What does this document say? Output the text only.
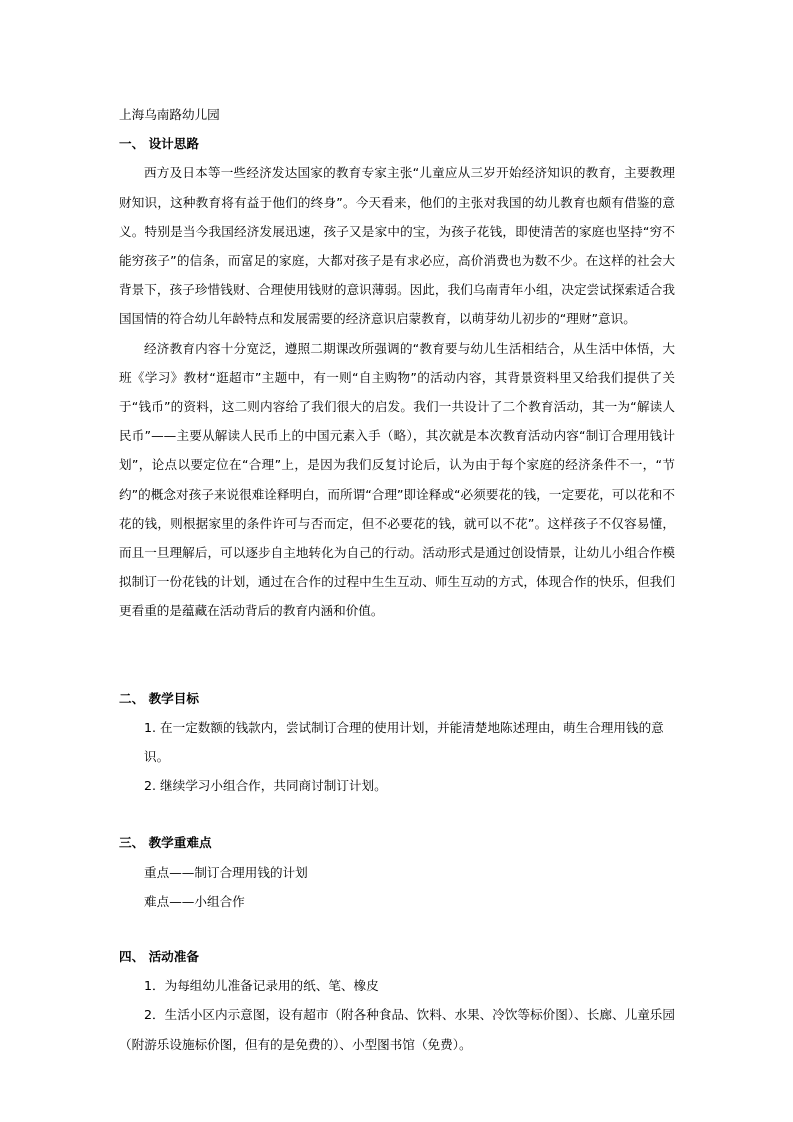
上海乌南路幼儿园

一、 设计思路

西方及日本等一些经济发达国家的教育专家主张“儿童应从三岁开始经济知识的教育，主要教理财知识，这种教育将有益于他们的终身”。今天看来，他们的主张对我国的幼儿教育也颇有借鉴的意义。特别是当今我国经济发展迅速，孩子又是家中的宝，为孩子花钱，即使清苦的家庭也坚持“穷不能穷孩子”的信条，而富足的家庭，大都对孩子是有求必应，高价消费也为数不少。在这样的社会大背景下，孩子珍惜钱财、合理使用钱财的意识薄弱。因此，我们乌南青年小组，决定尝试探索适合我国国情的符合幼儿年龄特点和发展需要的经济意识启蒙教育，以萌芽幼儿初步的“理财”意识。

经济教育内容十分宽泛，遵照二期课改所强调的“教育要与幼儿生活相结合，从生活中体悟，大班《学习》教材“逛超市”主题中，有一则“自主购物”的活动内容，其背景资料里又给我们提供了关于“钱币”的资料，这二则内容给了我们很大的启发。我们一共设计了二个教育活动，其一为“解读人民币”——主要从解读人民币上的中国元素入手（略），其次就是本次教育活动内容“制订合理用钱计划”，论点以要定位在“合理”上，是因为我们反复讨论后，认为由于每个家庭的经济条件不一，“节约”的概念对孩子来说很难诠释明白，而所谓“合理”即诠释或“必须要花的钱，一定要花，可以花和不花的钱，则根据家里的条件许可与否而定，但不必要花的钱，就可以不花”。这样孩子不仅容易懂，而且一旦理解后，可以逐步自主地转化为自己的行动。活动形式是通过创设情景，让幼儿小组合作模拟制订一份花钱的计划，通过在合作的过程中生生互动、师生互动的方式，体现合作的快乐，但我们更看重的是蕴藏在活动背后的教育内涵和价值。

二、 教学目标

1. 在一定数额的钱款内，尝试制订合理的使用计划，并能清楚地陈述理由，萌生合理用钱的意识。

2. 继续学习小组合作，共同商讨制订计划。

三、 教学重难点

重点——制订合理用钱的计划

难点——小组合作

四、 活动准备

1．为每组幼儿准备记录用的纸、笔、橡皮

2．生活小区内示意图，设有超市（附各种食品、饮料、水果、冷饮等标价图）、长廊、儿童乐园（附游乐设施标价图，但有的是免费的）、小型图书馆（免费）。
